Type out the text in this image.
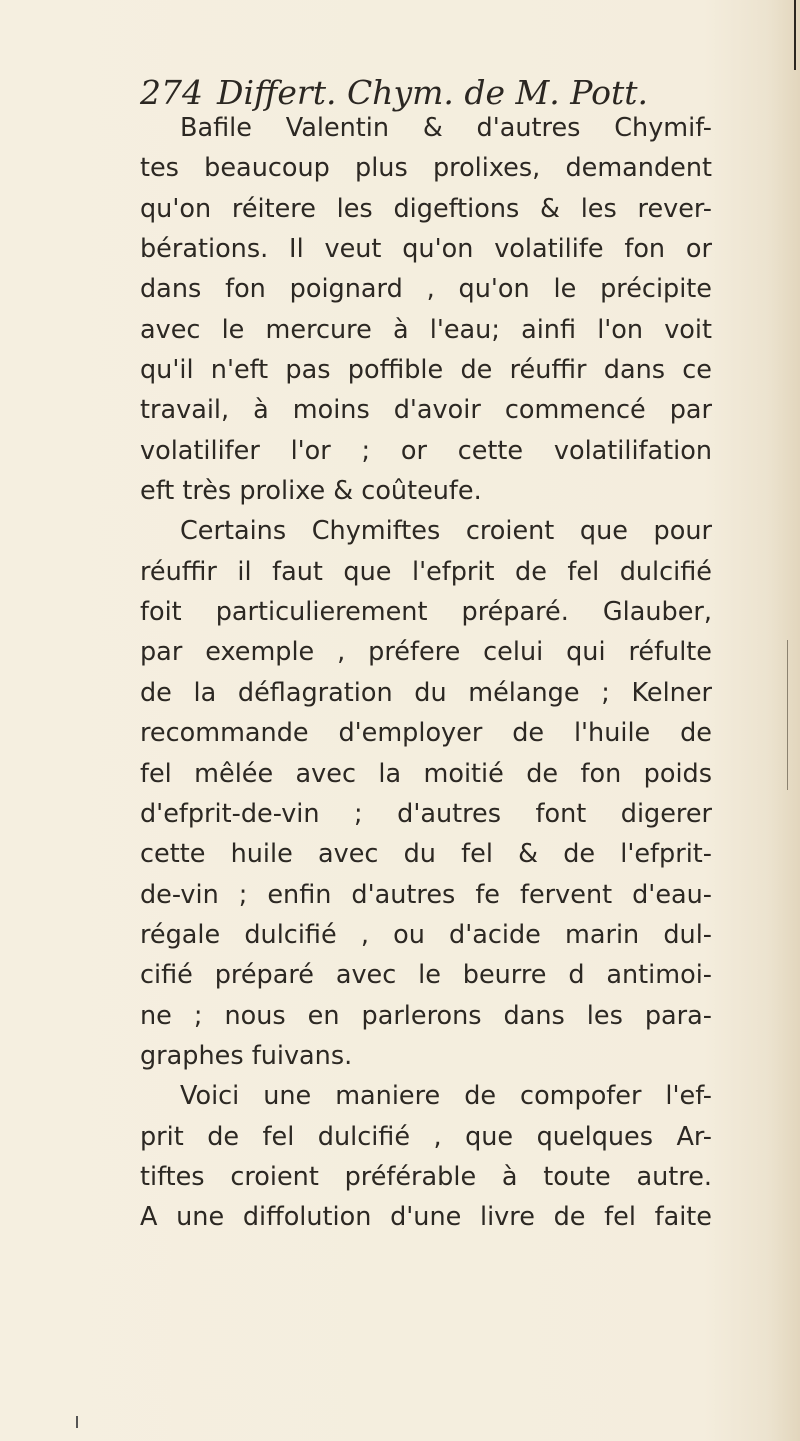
274 Differt. Chym. de M. Pott.
Bafile Valentin & d'autres Chymif-
tes beaucoup plus prolixes, demandent
qu'on réitere les digeftions & les rever-
bérations. Il veut qu'on volatilife fon or
dans fon poignard , qu'on le précipite
avec le mercure à l'eau; ainfi l'on voit
qu'il n'eft pas poffible de réuffir dans ce
travail, à moins d'avoir commencé par
volatilifer l'or ; or cette volatilifation
eft très prolixe & coûteufe.
Certains Chymiftes croient que pour
réuffir il faut que l'efprit de fel dulcifié
foit particulierement préparé. Glauber,
par exemple , préfere celui qui réfulte
de la déflagration du mélange ; Kelner
recommande d'employer de l'huile de
fel mêlée avec la moitié de fon poids
d'efprit-de-vin ; d'autres font digerer
cette huile avec du fel & de l'efprit-
de-vin ; enfin d'autres fe fervent d'eau-
régale dulcifié , ou d'acide marin dul-
cifié préparé avec le beurre d antimoi-
ne ; nous en parlerons dans les para-
graphes fuivans.
Voici une maniere de compofer l'ef-
prit de fel dulcifié , que quelques Ar-
tiftes croient préférable à toute autre.
A une diffolution d'une livre de fel faite
